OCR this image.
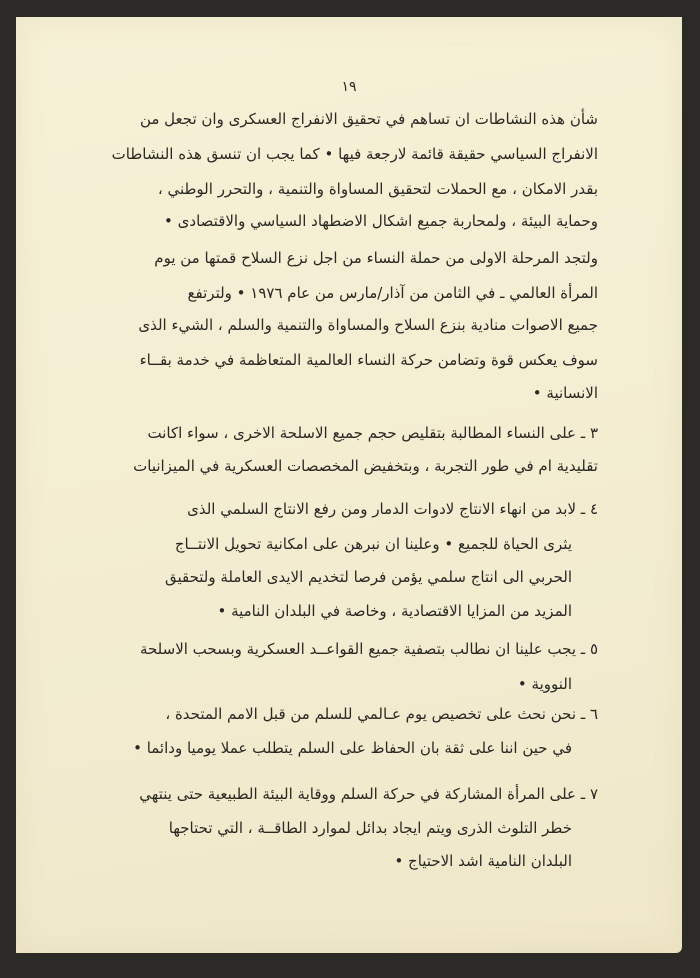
١٩
شأن هذه النشاطات ان تساهم في تحقيق الانفراج العسكرى وان تجعل من
الانفراج السياسي حقيقة قائمة لارجعة فيها • كما يجب ان تنسق هذه النشاطات
بقدر الامكان ، مع الحملات لتحقيق المساواة والتنمية ، والتحرر الوطني ،
وحماية البيئة ، ولمحاربة جميع اشكال الاضطهاد السياسي والاقتصادى •
ولتجد المرحلة الاولى من حملة النساء من اجل نزع السلاح قمتها من يوم
المرأة العالمي ـ في الثامن من آذار/مارس من عام ١٩٧٦ • ولترتفع
جميع الاصوات منادية بنزع السلاح والمساواة والتنمية والسلم ، الشيء الذى
سوف يعكس قوة وتضامن حركة النساء العالمية المتعاظمة في خدمة بقــاء
الانسانية •
٣ ـ على النساء المطالبة بتقليص حجم جميع الاسلحة الاخرى ، سواء اكانت
تقليدية ام في طور التجربة ، وبتخفيض المخصصات العسكرية في الميزانيات
٤ ـ لابد من انهاء الانتاج لادوات الدمار ومن رفع الانتاج السلمي الذى
يثرى الحياة للجميع • وعلينا ان نبرهن على امكانية تحويل الانتــاج
الحربي الى انتاج سلمي يؤمن فرصا لتخديم الايدى العاملة ولتحقيق
المزيد من المزايا الاقتصادية ، وخاصة في البلدان النامية •
٥ ـ يجب علينا ان نطالب بتصفية جميع القواعــد العسكرية وبسحب الاسلحة
النووية •
٦ ـ نحن نحث على تخصيص يوم عـالمي للسلم من قبل الامم المتحدة ،
في حين اننا على ثقة بان الحفاظ على السلم يتطلب عملا يوميا ودائما •
٧ ـ على المرأة المشاركة في حركة السلم ووقاية البيئة الطبيعية حتى ينتهي
خطر التلوث الذرى ويتم ايجاد بدائل لموارد الطاقــة ، التي تحتاجها
البلدان النامية اشد الاحتياج •
